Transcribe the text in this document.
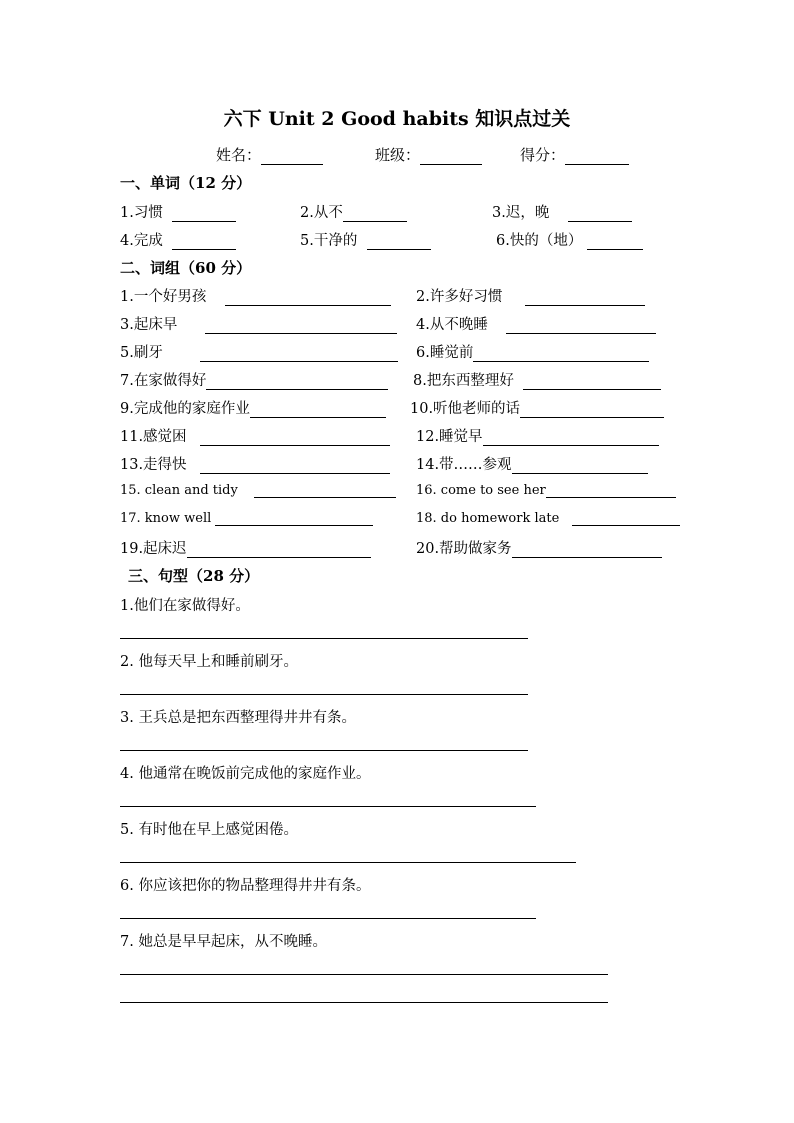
六下 Unit 2 Good habits 知识点过关
姓名：	班级：	得分：
一、单词（12 分）
1.习惯	2.从不	3.迟，晚
4.完成	5.干净的	6.快的（地）
二、词组（60 分）
1.一个好男孩	2.许多好习惯
3.起床早	4.从不晚睡
5.刷牙	6.睡觉前
7.在家做得好	8.把东西整理好
9.完成他的家庭作业	10.听他老师的话
11.感觉困	12.睡觉早
13.走得快	14.带……参观
15. clean and tidy	16. come to see her
17. know well	18. do homework late
19.起床迟	20.帮助做家务
三、句型（28 分）
1.他们在家做得好。
2. 他每天早上和睡前刷牙。
3. 王兵总是把东西整理得井井有条。
4. 他通常在晚饭前完成他的家庭作业。
5. 有时他在早上感觉困倦。
6. 你应该把你的物品整理得井井有条。
7. 她总是早早起床，从不晚睡。
